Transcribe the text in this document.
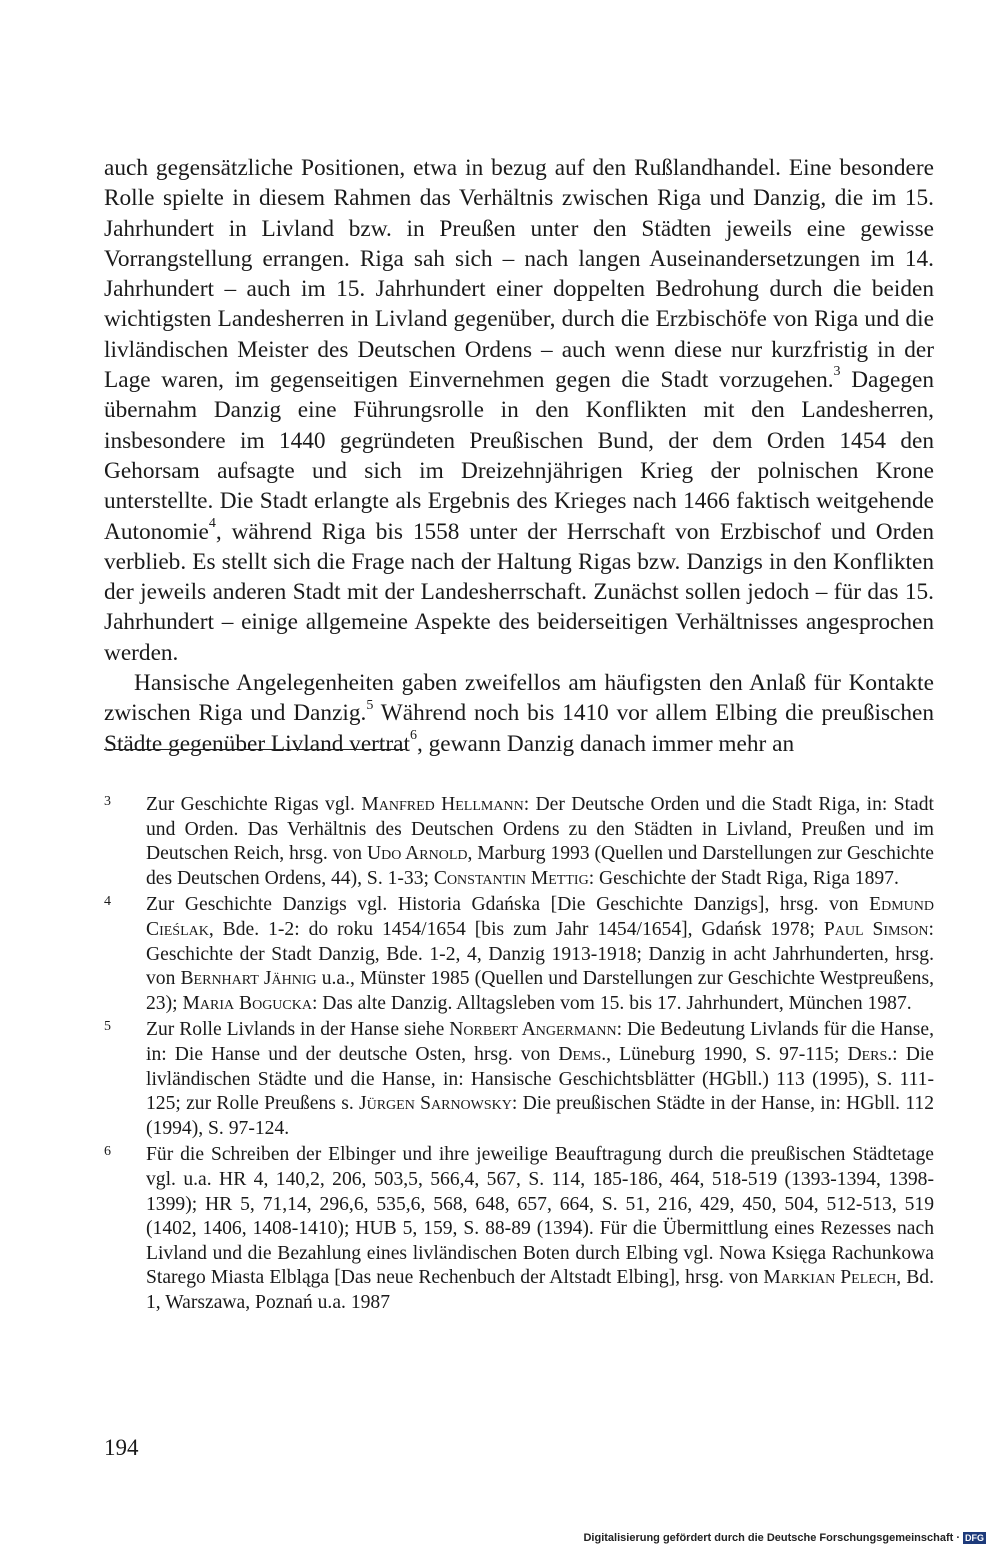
auch gegensätzliche Positionen, etwa in bezug auf den Rußlandhandel. Eine besondere Rolle spielte in diesem Rahmen das Verhältnis zwischen Riga und Danzig, die im 15. Jahrhundert in Livland bzw. in Preußen unter den Städten jeweils eine gewisse Vorrangstellung errangen. Riga sah sich – nach langen Auseinandersetzungen im 14. Jahrhundert – auch im 15. Jahrhundert einer doppelten Bedrohung durch die beiden wichtigsten Landesherren in Livland gegenüber, durch die Erzbischöfe von Riga und die livländischen Meister des Deutschen Ordens – auch wenn diese nur kurzfristig in der Lage waren, im gegenseitigen Einvernehmen gegen die Stadt vorzugehen.$^3$ Dagegen übernahm Danzig eine Führungsrolle in den Konflikten mit den Landesherren, insbesondere im 1440 gegründeten Preußischen Bund, der dem Orden 1454 den Gehorsam aufsagte und sich im Dreizehnjährigen Krieg der polnischen Krone unterstellte. Die Stadt erlangte als Ergebnis des Krieges nach 1466 faktisch weitgehende Autonomie$^4$, während Riga bis 1558 unter der Herrschaft von Erzbischof und Orden verblieb. Es stellt sich die Frage nach der Haltung Rigas bzw. Danzigs in den Konflikten der jeweils anderen Stadt mit der Landesherrschaft. Zunächst sollen jedoch – für das 15. Jahrhundert – einige allgemeine Aspekte des beiderseitigen Verhältnisses angesprochen werden.

Hansische Angelegenheiten gaben zweifellos am häufigsten den Anlaß für Kontakte zwischen Riga und Danzig.$^5$ Während noch bis 1410 vor allem Elbing die preußischen Städte gegenüber Livland vertrat$^6$, gewann Danzig danach immer mehr an

3 Zur Geschichte Rigas vgl. Manfred Hellmann: Der Deutsche Orden und die Stadt Riga, in: Stadt und Orden. Das Verhältnis des Deutschen Ordens zu den Städten in Livland, Preußen und im Deutschen Reich, hrsg. von Udo Arnold, Marburg 1993 (Quellen und Darstellungen zur Geschichte des Deutschen Ordens, 44), S. 1-33; Constantin Mettig: Geschichte der Stadt Riga, Riga 1897.
4 Zur Geschichte Danzigs vgl. Historia Gdańska [Die Geschichte Danzigs], hrsg. von Edmund Cieślak, Bde. 1-2: do roku 1454/1654 [bis zum Jahr 1454/1654], Gdańsk 1978; Paul Simson: Geschichte der Stadt Danzig, Bde. 1-2, 4, Danzig 1913-1918; Danzig in acht Jahrhunderten, hrsg. von Bernhart Jähnig u.a., Münster 1985 (Quellen und Darstellungen zur Geschichte Westpreußens, 23); Maria Bogucka: Das alte Danzig. Alltagsleben vom 15. bis 17. Jahrhundert, München 1987.
5 Zur Rolle Livlands in der Hanse siehe Norbert Angermann: Die Bedeutung Livlands für die Hanse, in: Die Hanse und der deutsche Osten, hrsg. von Dems., Lüneburg 1990, S. 97-115; Ders.: Die livländischen Städte und die Hanse, in: Hansische Geschichtsblätter (HGbll.) 113 (1995), S. 111-125; zur Rolle Preußens s. Jürgen Sarnowsky: Die preußischen Städte in der Hanse, in: HGbll. 112 (1994), S. 97-124.
6 Für die Schreiben der Elbinger und ihre jeweilige Beauftragung durch die preußischen Städtetage vgl. u.a. HR 4, 140,2, 206, 503,5, 566,4, 567, S. 114, 185-186, 464, 518-519 (1393-1394, 1398-1399); HR 5, 71,14, 296,6, 535,6, 568, 648, 657, 664, S. 51, 216, 429, 450, 504, 512-513, 519 (1402, 1406, 1408-1410); HUB 5, 159, S. 88-89 (1394). Für die Übermittlung eines Rezesses nach Livland und die Bezahlung eines livländischen Boten durch Elbing vgl. Nowa Księga Rachunkowa Starego Miasta Elbląga [Das neue Rechenbuch der Altstadt Elbing], hrsg. von Markian Pelech, Bd. 1, Warszawa, Poznań u.a. 1987
194
Digitalisierung gefördert durch die Deutsche Forschungsgemeinschaft · DFG
